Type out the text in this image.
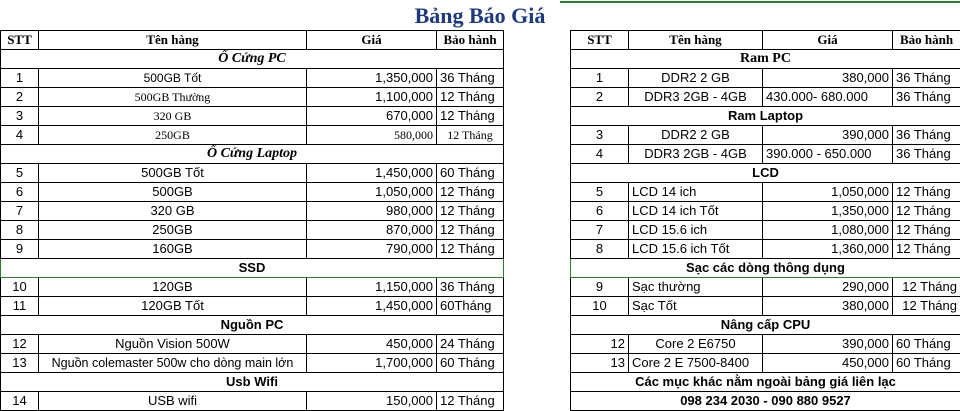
Bảng Báo Giá
STT	Tên hàng	Giá	Bảo hành
Ổ Cứng PC			
1	500GB Tốt	1,350,000	36 Tháng
2	500GB Thường	1,100,000	12 Tháng
3	320 GB	670,000	12 Tháng
4	250GB	580,000	12 Tháng
Ổ Cứng Laptop			
5	500GB Tốt	1,450,000	60 Tháng
6	500GB	1,050,000	12 Tháng
7	320 GB	980,000	12 Tháng
8	250GB	870,000	12 Tháng
9	160GB	790,000	12 Tháng
SSD			
10	120GB	1,150,000	36 Tháng
11	120GB Tốt	1,450,000	60Tháng
Nguồn PC			
12	Nguồn Vision 500W	450,000	24 Tháng
13	Nguồn colemaster 500w cho dòng main lớn	1,700,000	60 Tháng
Usb Wifi			
14	USB wifi	150,000	12 Tháng
STT	Tên hàng	Giá	Bảo hành
Ram PC			
1	DDR2 2 GB	380,000	36 Tháng
2	DDR3 2GB - 4GB	430.000- 680.000	36 Tháng
Ram Laptop			
3	DDR2 2 GB	390,000	36 Tháng
4	DDR3 2GB - 4GB	390.000 - 650.000	36 Tháng
LCD			
5	LCD 14 ich	1,050,000	12 Tháng
6	LCD 14 ich Tốt	1,350,000	12 Tháng
7	LCD 15.6 ich	1,080,000	12 Tháng
8	LCD 15.6 ich Tốt	1,360,000	12 Tháng
Sạc các dòng thông dụng			
9	Sạc thường	290,000	12 Tháng
10	Sạc Tốt	380,000	12 Tháng
Nâng cấp CPU			
12	Core 2 E6750	390,000	60 Tháng
13	Core 2 E 7500-8400	450,000	60 Tháng
Các mục khác nằm ngoài bảng giá liên lạc			
098 234 2030 - 090 880 9527			
